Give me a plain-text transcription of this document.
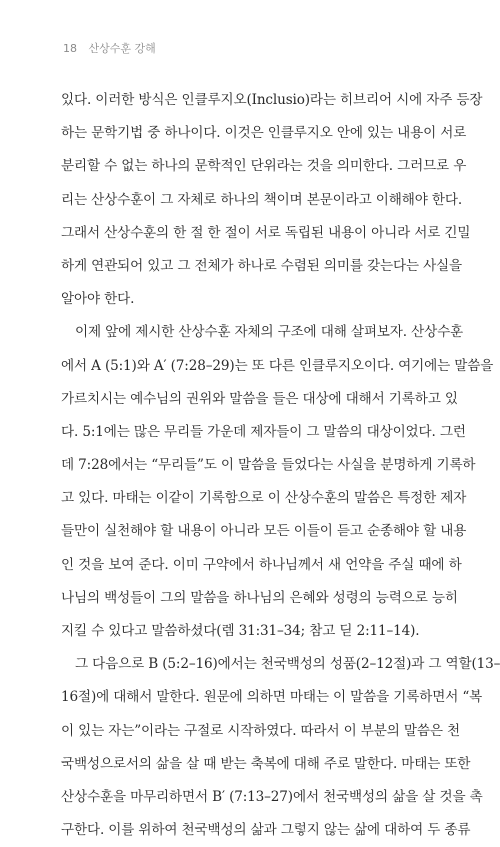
18 산상수훈 강해
있다. 이러한 방식은 인클루지오(Inclusio)라는 히브리어 시에 자주 등장
하는 문학기법 중 하나이다. 이것은 인클루지오 안에 있는 내용이 서로
분리할 수 없는 하나의 문학적인 단위라는 것을 의미한다. 그러므로 우
리는 산상수훈이 그 자체로 하나의 책이며 본문이라고 이해해야 한다.
그래서 산상수훈의 한 절 한 절이 서로 독립된 내용이 아니라 서로 긴밀
하게 연관되어 있고 그 전체가 하나로 수렴된 의미를 갖는다는 사실을
알아야 한다.
이제 앞에 제시한 산상수훈 자체의 구조에 대해 살펴보자. 산상수훈
에서 A (5:1)와 A′ (7:28–29)는 또 다른 인클루지오이다. 여기에는 말씀을
가르치시는 예수님의 권위와 말씀을 들은 대상에 대해서 기록하고 있
다. 5:1에는 많은 무리들 가운데 제자들이 그 말씀의 대상이었다. 그런
데 7:28에서는 “무리들”도 이 말씀을 들었다는 사실을 분명하게 기록하
고 있다. 마태는 이같이 기록함으로 이 산상수훈의 말씀은 특정한 제자
들만이 실천해야 할 내용이 아니라 모든 이들이 듣고 순종해야 할 내용
인 것을 보여 준다. 이미 구약에서 하나님께서 새 언약을 주실 때에 하
나님의 백성들이 그의 말씀을 하나님의 은혜와 성령의 능력으로 능히
지킬 수 있다고 말씀하셨다(렘 31:31–34; 참고 딛 2:11–14).
그 다음으로 B (5:2–16)에서는 천국백성의 성품(2–12절)과 그 역할(13–
16절)에 대해서 말한다. 원문에 의하면 마태는 이 말씀을 기록하면서 “복
이 있는 자는”이라는 구절로 시작하였다. 따라서 이 부분의 말씀은 천
국백성으로서의 삶을 살 때 받는 축복에 대해 주로 말한다. 마태는 또한
산상수훈을 마무리하면서 B′ (7:13–27)에서 천국백성의 삶을 살 것을 촉
구한다. 이를 위하여 천국백성의 삶과 그렇지 않는 삶에 대하여 두 종류
